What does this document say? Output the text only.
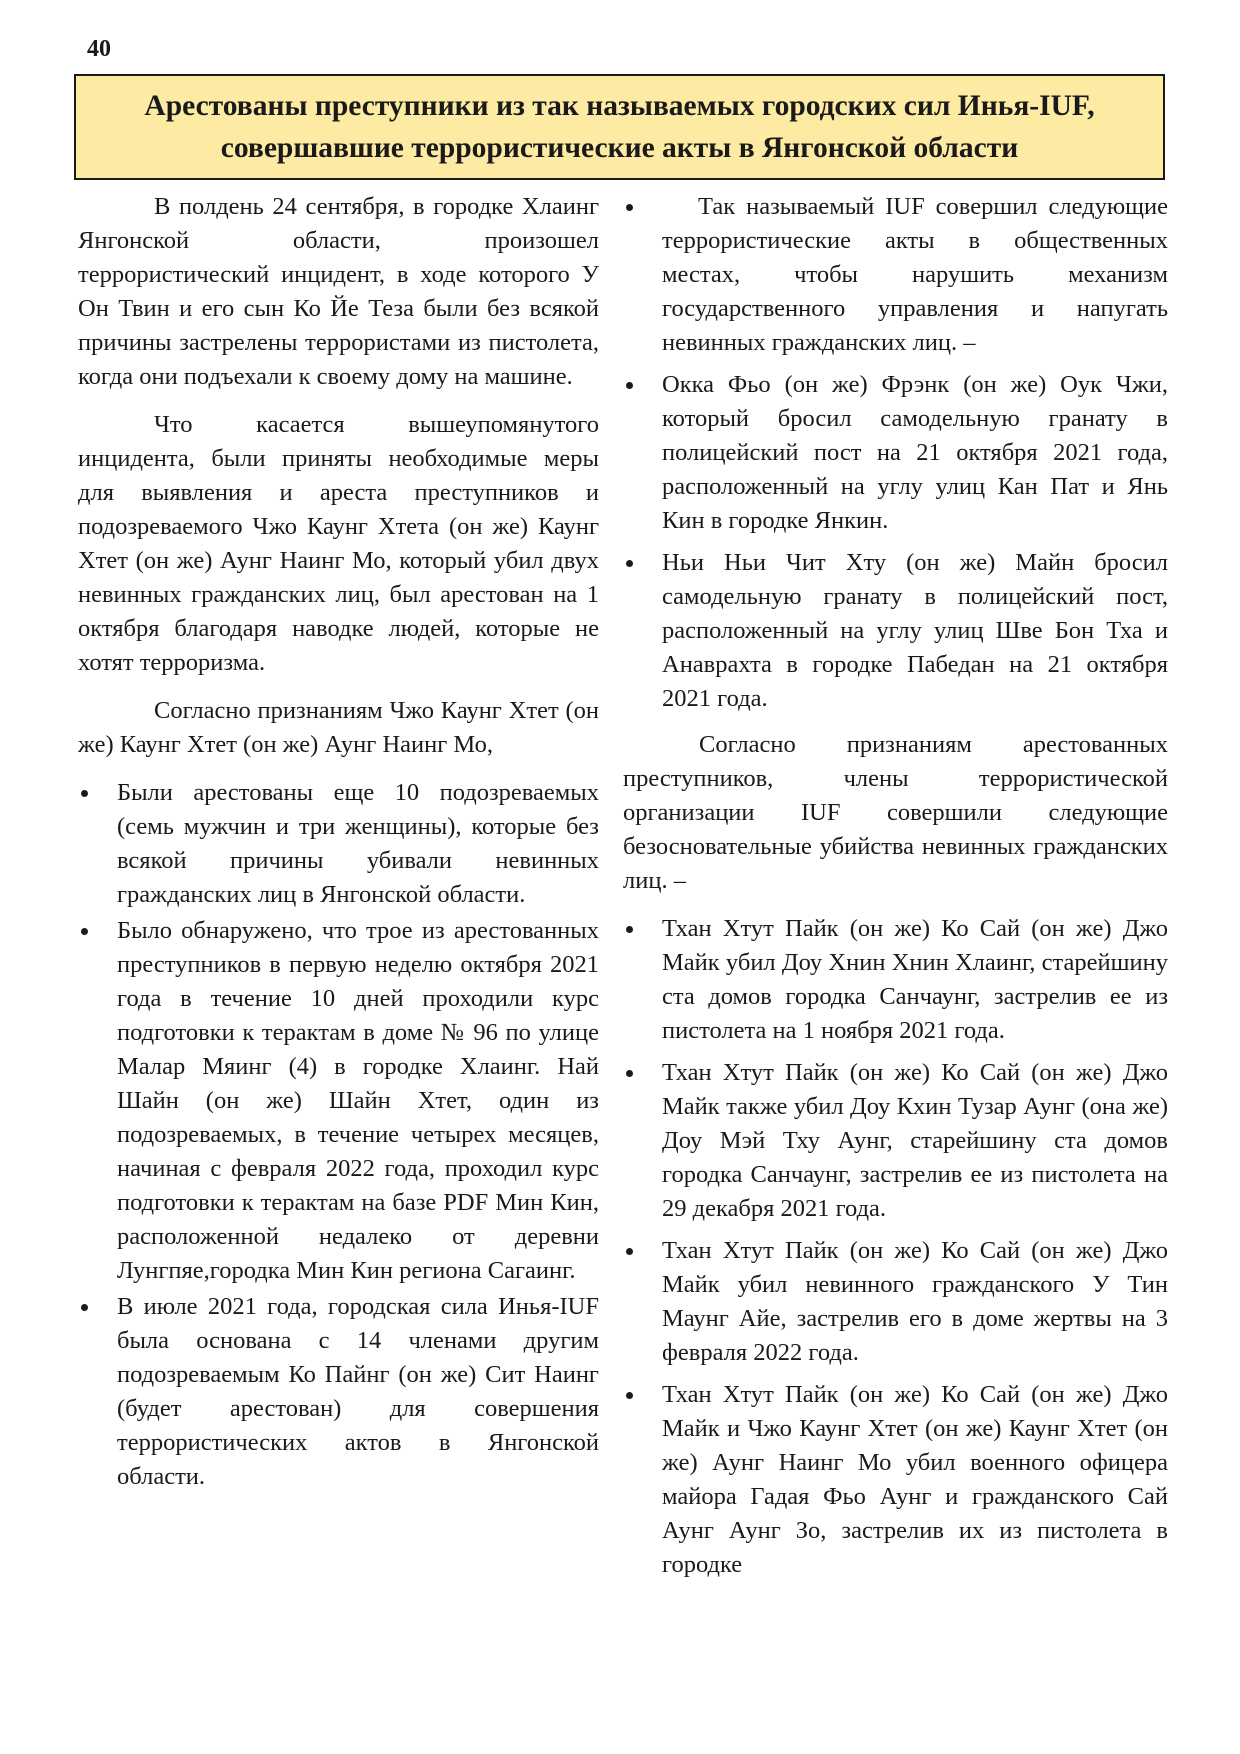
40
Арестованы преступники из так называемых городских сил Инья-IUF,
совершавшие террористические акты в Янгонской области

В полдень 24 сентября, в городке Хлаинг Янгонской области, произошел террористический инцидент, в ходе которого У Он Твин и его сын Ко Йе Теза были без всякой причины застрелены террористами из пистолета, когда они подъехали к своему дому на машине.

Что касается вышеупомянутого инцидента, были приняты необходимые меры для выявления и ареста преступников и подозреваемого Чжо Каунг Хтета (он же) Каунг Хтет (он же) Аунг Наинг Мо, который убил двух невинных гражданских лиц, был арестован на 1 октября благодаря наводке людей, которые не хотят терроризма.

Согласно признаниям Чжо Каунг Хтет (он же) Каунг Хтет (он же) Аунг Наинг Мо,

Были арестованы еще 10 подозреваемых (семь мужчин и три женщины), которые без всякой причины убивали невинных гражданских лиц в Янгонской области.
Было обнаружено, что трое из арестованных преступников в первую неделю октября 2021 года в течение 10 дней проходили курс подготовки к терактам в доме № 96 по улице Малар Мяинг (4) в городке Хлаинг. Най Шайн (он же) Шайн Хтет, один из подозреваемых, в течение четырех месяцев, начиная с февраля 2022 года, проходил курс подготовки к терактам на базе PDF Мин Кин, расположенной недалеко от деревни Лунгпяе,городка Мин Кин региона Сагаинг.
В июле 2021 года, городская сила Инья-IUF была основана с 14 членами другим подозреваемым Ко Пайнг (он же) Сит Наинг (будет арестован) для совершения террористических актов в Янгонской области.
Так называемый IUF совершил следующие террористические акты в общественных местах, чтобы нарушить механизм государственного управления и напугать невинных гражданских лиц. –
Окка Фьо (он же) Фрэнк (он же) Оук Чжи, который бросил самодельную гранату в полицейский пост на 21 октября 2021 года, расположенный на углу улиц Кан Пат и Янь Кин в городке Янкин.
Ньи Ньи Чит Хту (он же) Майн бросил самодельную гранату в полицейский пост, расположенный на углу улиц Шве Бон Тха и Анаврахта в городке Пабедан на 21 октября 2021 года.

Согласно признаниям арестованных преступников, члены террористической организации IUF совершили следующие безосновательные убийства невинных гражданских лиц. –

Тхан Хтут Пайк (он же) Ко Сай (он же) Джо Майк убил Доу Хнин Хнин Хлаинг, старейшину ста домов городка Санчаунг, застрелив ее из пистолета на 1 ноября 2021 года.
Тхан Хтут Пайк (он же) Ко Сай (он же) Джо Майк также убил Доу Кхин Тузар Аунг (она же) Доу Мэй Тху Аунг, старейшину ста домов городка Санчаунг, застрелив ее из пистолета на 29 декабря 2021 года.
Тхан Хтут Пайк (он же) Ко Сай (он же) Джо Майк убил невинного гражданского У Тин Маунг Айе, застрелив его в доме жертвы на 3 февраля 2022 года.
Тхан Хтут Пайк (он же) Ко Сай (он же) Джо Майк и Чжо Каунг Хтет (он же) Каунг Хтет (он же) Аунг Наинг Мо убил военного офицера майора Гадая Фьо Аунг и гражданского Сай Аунг Аунг Зо, застрелив их из пистолета в городке
